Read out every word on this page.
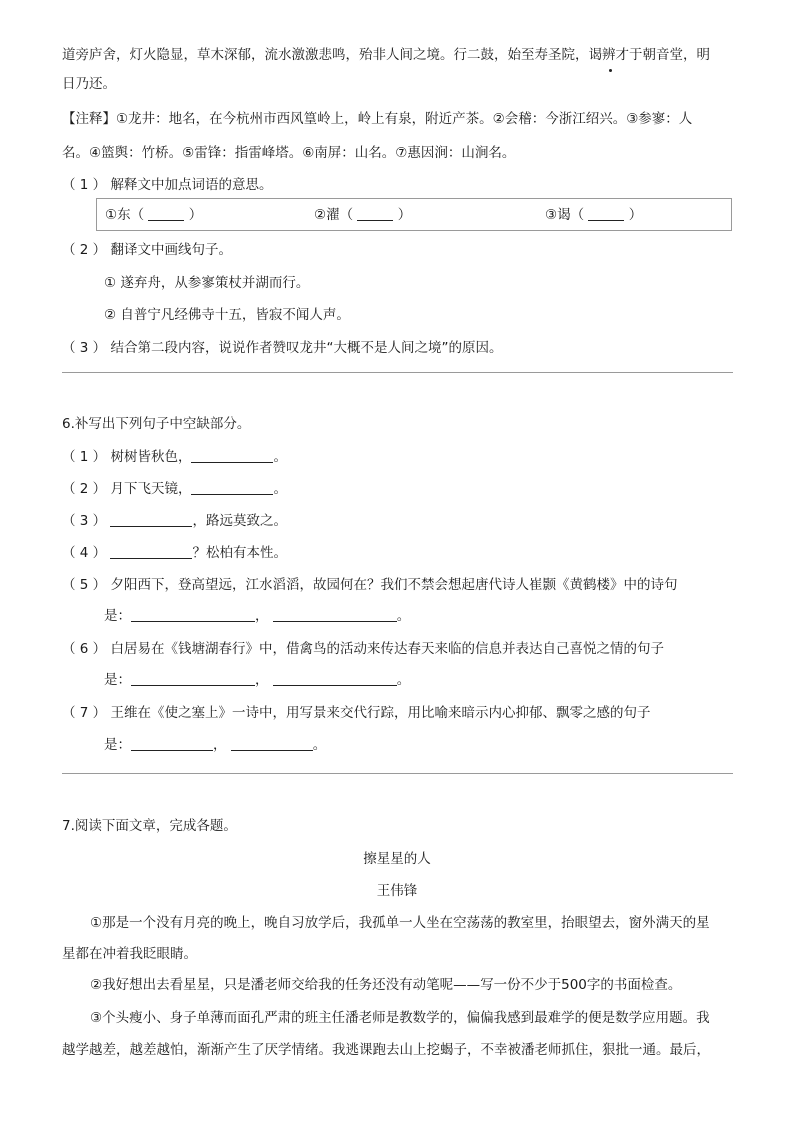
道旁庐舍，灯火隐显，草木深郁，流水激激悲鸣，殆非人间之境。行二鼓，始至寿圣院，谒辨才于朝音堂，明
日乃还。
【注释】①龙井：地名，在今杭州市西风篁岭上，岭上有泉，附近产茶。②会稽：今浙江绍兴。③参寥：人
名。④篮舆：竹桥。⑤雷锋：指雷峰塔。⑥南屏：山名。⑦惠因涧：山涧名。
（ 1 ） 解释文中加点词语的意思。
①东（	）	②濯（	）	③谒（	）
（ 2 ） 翻译文中画线句子。
① 遂弃舟，从参寥策杖并湖而行。
② 自普宁凡经佛寺十五，皆寂不闻人声。
（ 3 ） 结合第二段内容，说说作者赞叹龙井“大概不是人间之境”的原因。
6.补写出下列句子中空缺部分。
（ 1 ） 树树皆秋色，	。
（ 2 ） 月下飞天镜，	。
（ 3 ）	，路远莫致之。
（ 4 ）	？松柏有本性。
（ 5 ） 夕阳西下，登高望远，江水滔滔，故园何在？我们不禁会想起唐代诗人崔颢《黄鹤楼》中的诗句
是：	，	。
（ 6 ） 白居易在《钱塘湖春行》中，借禽鸟的活动来传达春天来临的信息并表达自己喜悦之情的句子
是：	，	。
（ 7 ） 王维在《使之塞上》一诗中，用写景来交代行踪，用比喻来暗示内心抑郁、飘零之感的句子
是：	，	。
7.阅读下面文章，完成各题。
擦星星的人
王伟锋
①那是一个没有月亮的晚上，晚自习放学后，我孤单一人坐在空荡荡的教室里，抬眼望去，窗外满天的星
星都在冲着我眨眼睛。
②我好想出去看星星，只是潘老师交给我的任务还没有动笔呢——写一份不少于500字的书面检查。
③个头瘦小、身子单薄而面孔严肃的班主任潘老师是教数学的，偏偏我感到最难学的便是数学应用题。我
越学越差，越差越怕，渐渐产生了厌学情绪。我逃课跑去山上挖蝎子，不幸被潘老师抓住，狠批一通。最后，
